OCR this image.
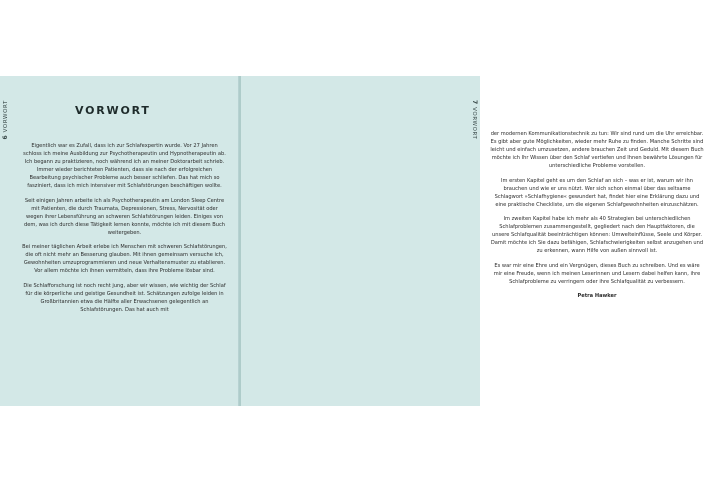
6 VORWORT	VORWORT

Eigentlich war es Zufall, dass ich zur Schlafexpertin wurde. Vor 27 Jahren schloss ich meine Ausbildung zur Psychotherapeutin und Hypnotherapeutin ab. Ich begann zu praktizieren, noch während ich an meiner Doktorarbeit schrieb. Immer wieder berichteten Patienten, dass sie nach der erfolgreichen Bearbeitung psychischer Probleme auch besser schliefen. Das hat mich so fasziniert, dass ich mich intensiver mit Schlafstörungen beschäftigen wollte.

Seit einigen Jahren arbeite ich als Psychotherapeutin am London Sleep Centre mit Patienten, die durch Traumata, Depressionen, Stress, Nervosität oder wegen ihrer Lebensführung an schweren Schlafstörungen leiden. Einiges von dem, was ich durch diese Tätigkeit lernen konnte, möchte ich mit diesem Buch weitergeben.

Bei meiner täglichen Arbeit erlebe ich Menschen mit schweren Schlafstörungen, die oft nicht mehr an Besserung glauben. Mit ihnen gemeinsam versuche ich, Gewohnheiten umzuprogrammieren und neue Verhaltensmuster zu etablieren. Vor allem möchte ich ihnen vermitteln, dass ihre Probleme lösbar sind.

Die Schlafforschung ist noch recht jung, aber wir wissen, wie wichtig der Schlaf für die körperliche und geistige Gesundheit ist. Schätzungen zufolge leiden in Großbritannien etwa die Hälfte aller Erwachsenen gelegentlich an Schlafstörungen. Das hat auch mit

7 VORWORT	der modernen Kommunikationstechnik zu tun: Wir sind rund um die Uhr erreichbar. Es gibt aber gute Möglichkeiten, wieder mehr Ruhe zu finden. Manche Schritte sind leicht und einfach umzusetzen, andere brauchen Zeit und Geduld. Mit diesem Buch möchte ich Ihr Wissen über den Schlaf vertiefen und Ihnen bewährte Lösungen für unterschiedliche Probleme vorstellen.

Im ersten Kapitel geht es um den Schlaf an sich – was er ist, warum wir ihn brauchen und wie er uns nützt. Wer sich schon einmal über das seltsame Schlagwort »Schlafhygiene« gewundert hat, findet hier eine Erklärung dazu und eine praktische Checkliste, um die eigenen Schlafgewohnheiten einzuschätzen.

Im zweiten Kapitel habe ich mehr als 40 Strategien bei unterschiedlichen Schlafproblemen zusammengestellt, gegliedert nach den Hauptfaktoren, die unsere Schlafqualität beeinträchtigen können: Umwelteinflüsse, Seele und Körper. Damit möchte ich Sie dazu befähigen, Schlafschwierigkeiten selbst anzugehen und zu erkennen, wann Hilfe von außen sinnvoll ist.

Es war mir eine Ehre und ein Vergnügen, dieses Buch zu schreiben. Und es wäre mir eine Freude, wenn ich meinen Leserinnen und Lesern dabei helfen kann, ihre Schlafprobleme zu verringern oder ihre Schlafqualität zu verbessern.

Petra Hawker
